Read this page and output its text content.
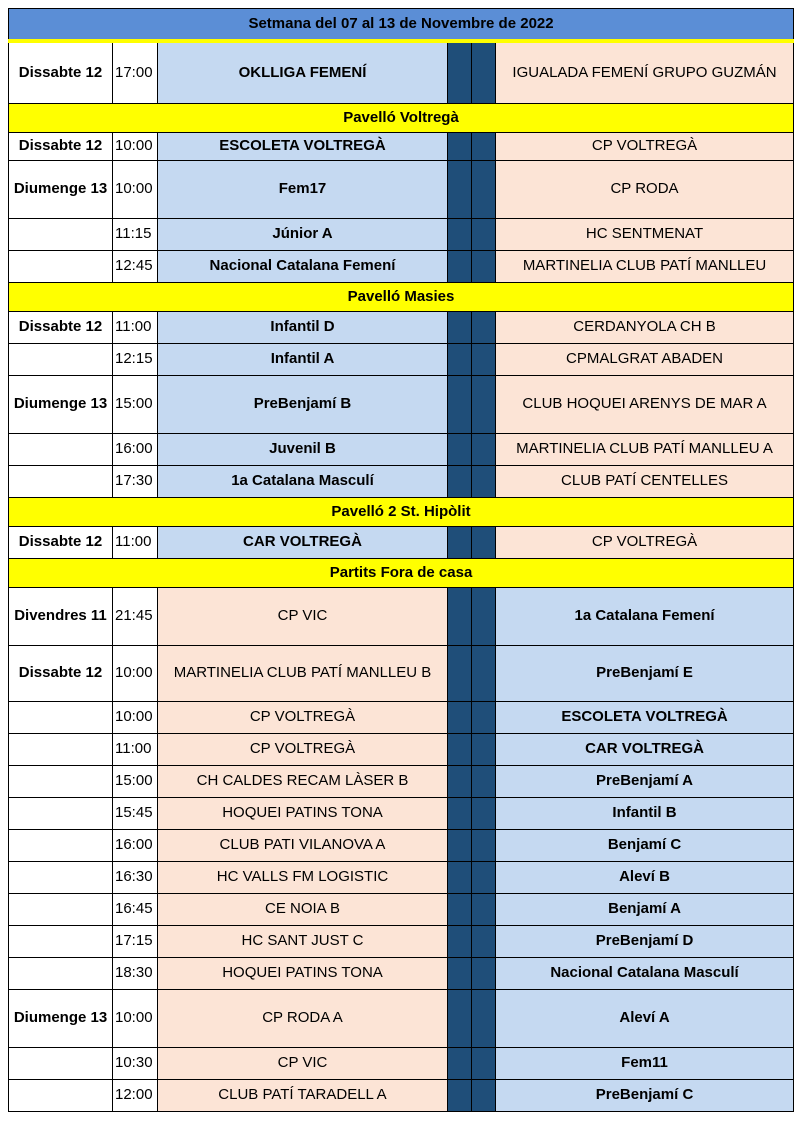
Setmana del 07 al 13 de Novembre de 2022					
Dissabte 12	17:00	OKLLIGA FEMENÍ			IGUALADA FEMENÍ GRUPO GUZMÁN
Pavelló Voltregà					
Dissabte 12	10:00	ESCOLETA VOLTREGÀ			CP VOLTREGÀ
Diumenge 13	10:00	Fem17			CP RODA
	11:15	Júnior A			HC SENTMENAT
	12:45	Nacional Catalana Femení			MARTINELIA CLUB PATÍ MANLLEU
Pavelló Masies					
Dissabte 12	11:00	Infantil D			CERDANYOLA CH B
	12:15	Infantil A			CPMALGRAT ABADEN
Diumenge 13	15:00	PreBenjamí B			CLUB HOQUEI ARENYS DE MAR A
	16:00	Juvenil B			MARTINELIA CLUB PATÍ MANLLEU A
	17:30	1a Catalana Masculí			CLUB PATÍ CENTELLES
Pavelló 2 St. Hipòlit					
Dissabte 12	11:00	CAR VOLTREGÀ			CP VOLTREGÀ
Partits Fora de casa					
Divendres 11	21:45	CP VIC			1a Catalana Femení
Dissabte 12	10:00	MARTINELIA CLUB PATÍ MANLLEU B			PreBenjamí E
	10:00	CP VOLTREGÀ			ESCOLETA VOLTREGÀ
	11:00	CP VOLTREGÀ			CAR VOLTREGÀ
	15:00	CH CALDES RECAM LÀSER B			PreBenjamí A
	15:45	HOQUEI PATINS TONA			Infantil B
	16:00	CLUB PATI VILANOVA A			Benjamí C
	16:30	HC VALLS FM LOGISTIC			Aleví B
	16:45	CE NOIA B			Benjamí A
	17:15	HC SANT JUST C			PreBenjamí D
	18:30	HOQUEI PATINS TONA			Nacional Catalana Masculí
Diumenge 13	10:00	CP RODA A			Aleví A
	10:30	CP VIC			Fem11
	12:00	CLUB PATÍ TARADELL A			PreBenjamí C
